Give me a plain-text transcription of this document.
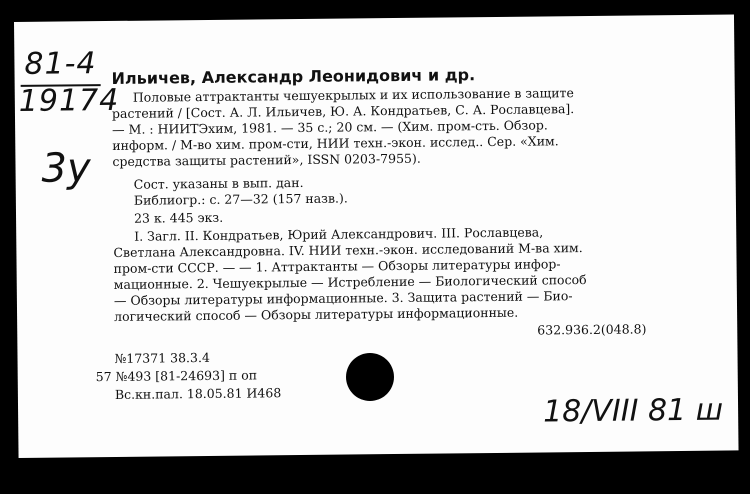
81-4
19174
3y
Ильичев, Александр Леонидович и др.
Половые аттрактанты чешуекрылых и их использование в защите
растений / [Сост. А. Л. Ильичев, Ю. А. Кондратьев, С. А. Рославцева].
— М. : НИИТЭхим, 1981. — 35 с.; 20 см. — (Хим. пром-сть. Обзор.
информ. / М-во хим. пром-сти, НИИ техн.-экон. исслед.. Сер. «Хим.
средства защиты растений», ISSN 0203-7955).
Сост. указаны в вып. дан.
Библиогр.: с. 27—32 (157 назв.).
23 к. 445 экз.
I. Загл. II. Кондратьев, Юрий Александрович. III. Рославцева,
Светлана Александровна. IV. НИИ техн.-экон. исследований М-ва хим.
пром-сти СССР. — — 1. Аттрактанты — Обзоры литературы инфор-
мационные. 2. Чешуекрылые — Истребление — Биологический способ
— Обзоры литературы информационные. 3. Защита растений — Био-
логический способ — Обзоры литературы информационные.
632.936.2(048.8)
№17371 38.3.4
57 №493 [81-24693] п оп
Вс.кн.пал. 18.05.81 И468	18/VIII 81 ш
